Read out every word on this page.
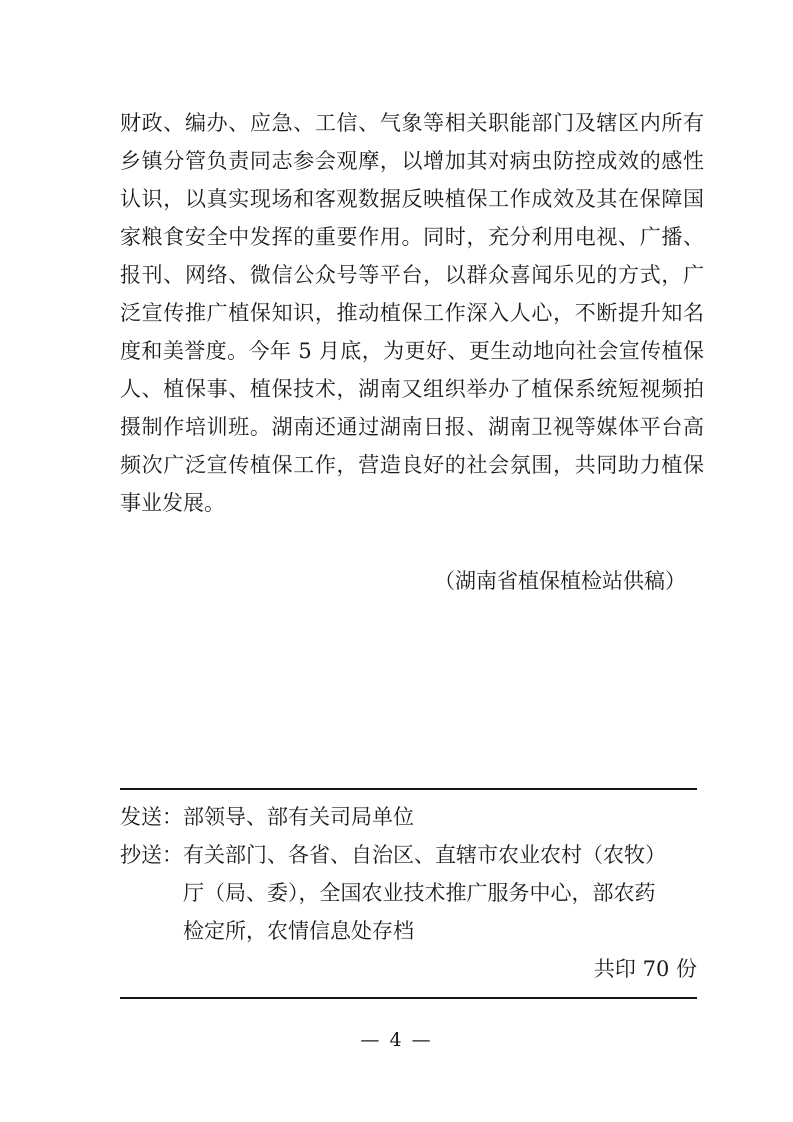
财政、编办、应急、工信、气象等相关职能部门及辖区内所有
乡镇分管负责同志参会观摩，以增加其对病虫防控成效的感性
认识，以真实现场和客观数据反映植保工作成效及其在保障国
家粮食安全中发挥的重要作用。同时，充分利用电视、广播、
报刊、网络、微信公众号等平台，以群众喜闻乐见的方式，广
泛宣传推广植保知识，推动植保工作深入人心，不断提升知名
度和美誉度。今年 5 月底，为更好、更生动地向社会宣传植保
人、植保事、植保技术，湖南又组织举办了植保系统短视频拍
摄制作培训班。湖南还通过湖南日报、湖南卫视等媒体平台高
频次广泛宣传植保工作，营造良好的社会氛围，共同助力植保
事业发展。
（湖南省植保植检站供稿）
发送：部领导、部有关司局单位
抄送：有关部门、各省、自治区、直辖市农业农村（农牧）
厅（局、委），全国农业技术推广服务中心，部农药
检定所，农情信息处存档
共印 70 份
— 4 —
